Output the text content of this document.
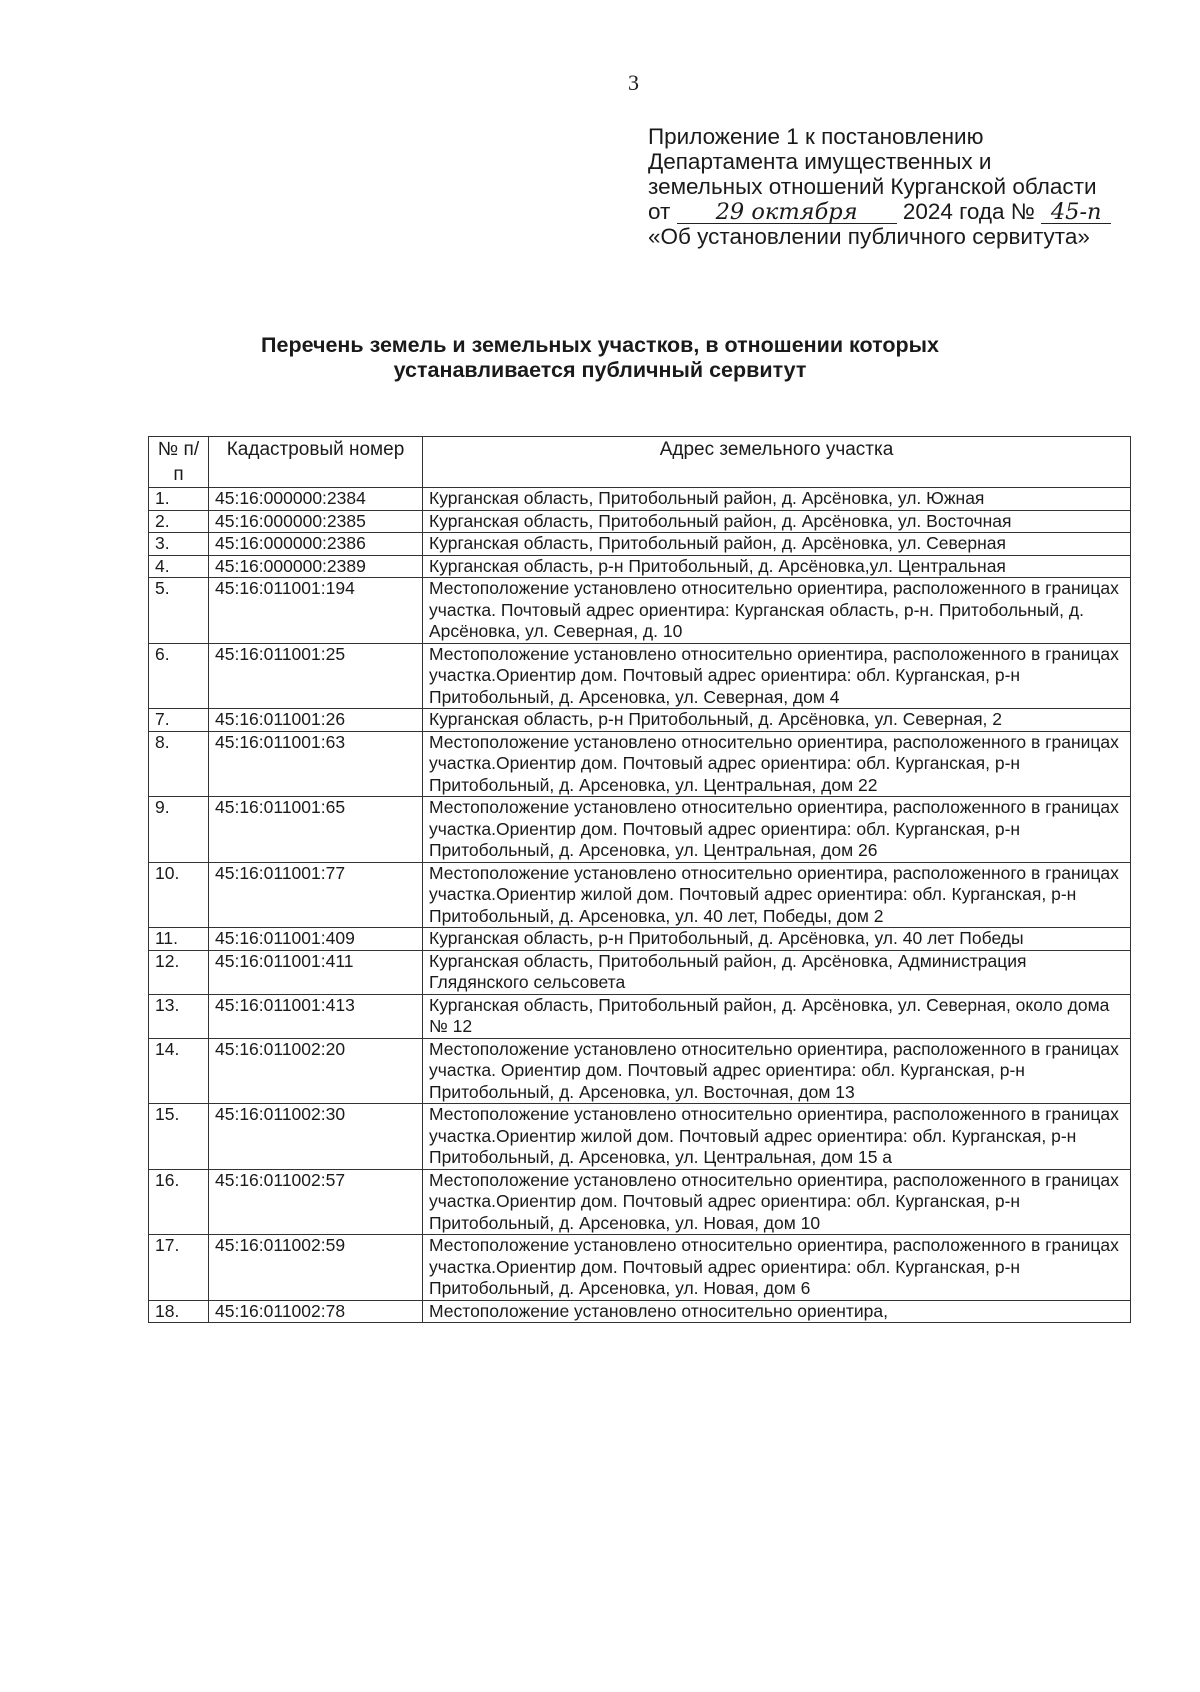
3
Приложение 1 к постановлению
Департамента имущественных и
земельных отношений Курганской области
от 29 октября 2024 года № 45-п
«Об установлении публичного сервитута»
Перечень земель и земельных участков, в отношении которых
устанавливается публичный сервитут
№ п/п	Кадастровый номер	Адрес земельного участка
1.	45:16:000000:2384	Курганская область, Притобольный район, д. Арсёновка, ул. Южная
2.	45:16:000000:2385	Курганская область, Притобольный район, д. Арсёновка, ул. Восточная
3.	45:16:000000:2386	Курганская область, Притобольный район, д. Арсёновка, ул. Северная
4.	45:16:000000:2389	Курганская область, р-н Притобольный, д. Арсёновка,ул. Центральная
5.	45:16:011001:194	Местоположение установлено относительно ориентира, расположенного в границах участка. Почтовый адрес ориентира: Курганская область, р-н. Притобольный, д. Арсёновка, ул. Северная, д. 10
6.	45:16:011001:25	Местоположение установлено относительно ориентира, расположенного в границах участка.Ориентир дом. Почтовый адрес ориентира: обл. Курганская, р-н Притобольный, д. Арсеновка, ул. Северная, дом 4
7.	45:16:011001:26	Курганская область, р-н Притобольный, д. Арсёновка, ул. Северная, 2
8.	45:16:011001:63	Местоположение установлено относительно ориентира, расположенного в границах участка.Ориентир дом. Почтовый адрес ориентира: обл. Курганская, р-н Притобольный, д. Арсеновка, ул. Центральная, дом 22
9.	45:16:011001:65	Местоположение установлено относительно ориентира, расположенного в границах участка.Ориентир дом. Почтовый адрес ориентира: обл. Курганская, р-н Притобольный, д. Арсеновка, ул. Центральная, дом 26
10.	45:16:011001:77	Местоположение установлено относительно ориентира, расположенного в границах участка.Ориентир жилой дом. Почтовый адрес ориентира: обл. Курганская, р-н Притобольный, д. Арсеновка, ул. 40 лет, Победы, дом 2
11.	45:16:011001:409	Курганская область, р-н Притобольный, д. Арсёновка, ул. 40 лет Победы
12.	45:16:011001:411	Курганская область, Притобольный район, д. Арсёновка, Администрация Глядянского сельсовета
13.	45:16:011001:413	Курганская область, Притобольный район, д. Арсёновка, ул. Северная, около дома № 12
14.	45:16:011002:20	Местоположение установлено относительно ориентира, расположенного в границах участка. Ориентир дом. Почтовый адрес ориентира: обл. Курганская, р-н Притобольный, д. Арсеновка, ул. Восточная, дом 13
15.	45:16:011002:30	Местоположение установлено относительно ориентира, расположенного в границах участка.Ориентир жилой дом. Почтовый адрес ориентира: обл. Курганская, р-н Притобольный, д. Арсеновка, ул. Центральная, дом 15 а
16.	45:16:011002:57	Местоположение установлено относительно ориентира, расположенного в границах участка.Ориентир дом. Почтовый адрес ориентира: обл. Курганская, р-н Притобольный, д. Арсеновка, ул. Новая, дом 10
17.	45:16:011002:59	Местоположение установлено относительно ориентира, расположенного в границах участка.Ориентир дом. Почтовый адрес ориентира: обл. Курганская, р-н Притобольный, д. Арсеновка, ул. Новая, дом 6
18.	45:16:011002:78	Местоположение установлено относительно ориентира,
